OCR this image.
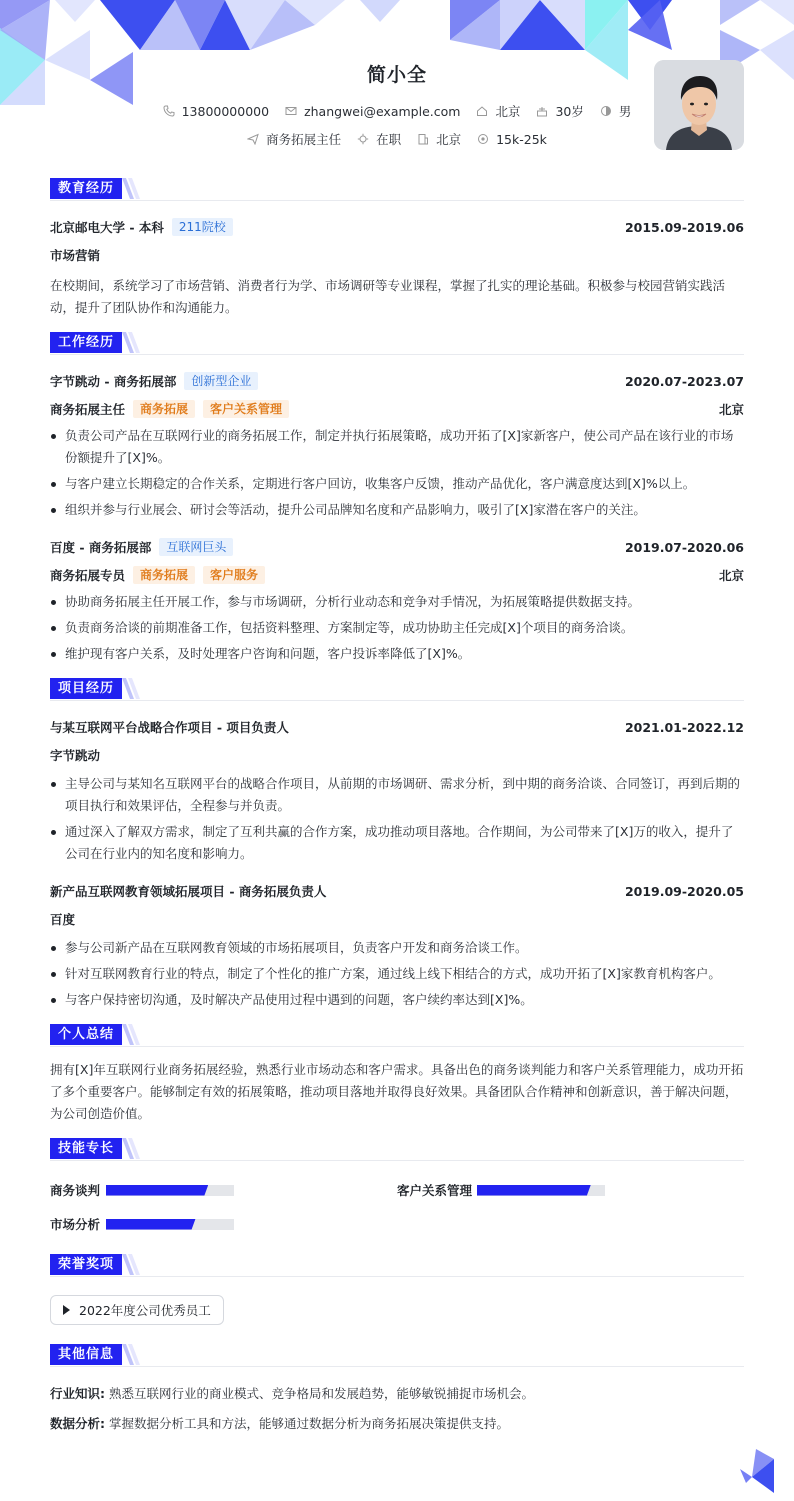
简小全
13800000000	zhangwei@example.com	北京	30岁	男
商务拓展主任	在职	北京	15k-25k
教育经历
北京邮电大学 - 本科	211院校	2015.09-2019.06
市场营销
在校期间，系统学习了市场营销、消费者行为学、市场调研等专业课程，掌握了扎实的理论基础。积极参与校园营销实践活动，提升了团队协作和沟通能力。
工作经历
字节跳动 - 商务拓展部	创新型企业	2020.07-2023.07
商务拓展主任	商务拓展	客户关系管理	北京
负责公司产品在互联网行业的商务拓展工作，制定并执行拓展策略，成功开拓了[X]家新客户，使公司产品在该行业的市场份额提升了[X]%。
与客户建立长期稳定的合作关系，定期进行客户回访，收集客户反馈，推动产品优化，客户满意度达到[X]%以上。
组织并参与行业展会、研讨会等活动，提升公司品牌知名度和产品影响力，吸引了[X]家潜在客户的关注。
百度 - 商务拓展部	互联网巨头	2019.07-2020.06
商务拓展专员	商务拓展	客户服务	北京
协助商务拓展主任开展工作，参与市场调研，分析行业动态和竞争对手情况，为拓展策略提供数据支持。
负责商务洽谈的前期准备工作，包括资料整理、方案制定等，成功协助主任完成[X]个项目的商务洽谈。
维护现有客户关系，及时处理客户咨询和问题，客户投诉率降低了[X]%。
项目经历
与某互联网平台战略合作项目 - 项目负责人	2021.01-2022.12
字节跳动
主导公司与某知名互联网平台的战略合作项目，从前期的市场调研、需求分析，到中期的商务洽谈、合同签订，再到后期的项目执行和效果评估，全程参与并负责。
通过深入了解双方需求，制定了互利共赢的合作方案，成功推动项目落地。合作期间，为公司带来了[X]万的收入，提升了公司在行业内的知名度和影响力。
新产品互联网教育领域拓展项目 - 商务拓展负责人	2019.09-2020.05
百度
参与公司新产品在互联网教育领域的市场拓展项目，负责客户开发和商务洽谈工作。
针对互联网教育行业的特点，制定了个性化的推广方案，通过线上线下相结合的方式，成功开拓了[X]家教育机构客户。
与客户保持密切沟通，及时解决产品使用过程中遇到的问题，客户续约率达到[X]%。
个人总结
拥有[X]年互联网行业商务拓展经验，熟悉行业市场动态和客户需求。具备出色的商务谈判能力和客户关系管理能力，成功开拓了多个重要客户。能够制定有效的拓展策略，推动项目落地并取得良好效果。具备团队合作精神和创新意识，善于解决问题，为公司创造价值。
技能专长
商务谈判	客户关系管理
市场分析
荣誉奖项
2022年度公司优秀员工
其他信息
行业知识: 熟悉互联网行业的商业模式、竞争格局和发展趋势，能够敏锐捕捉市场机会。
数据分析: 掌握数据分析工具和方法，能够通过数据分析为商务拓展决策提供支持。
